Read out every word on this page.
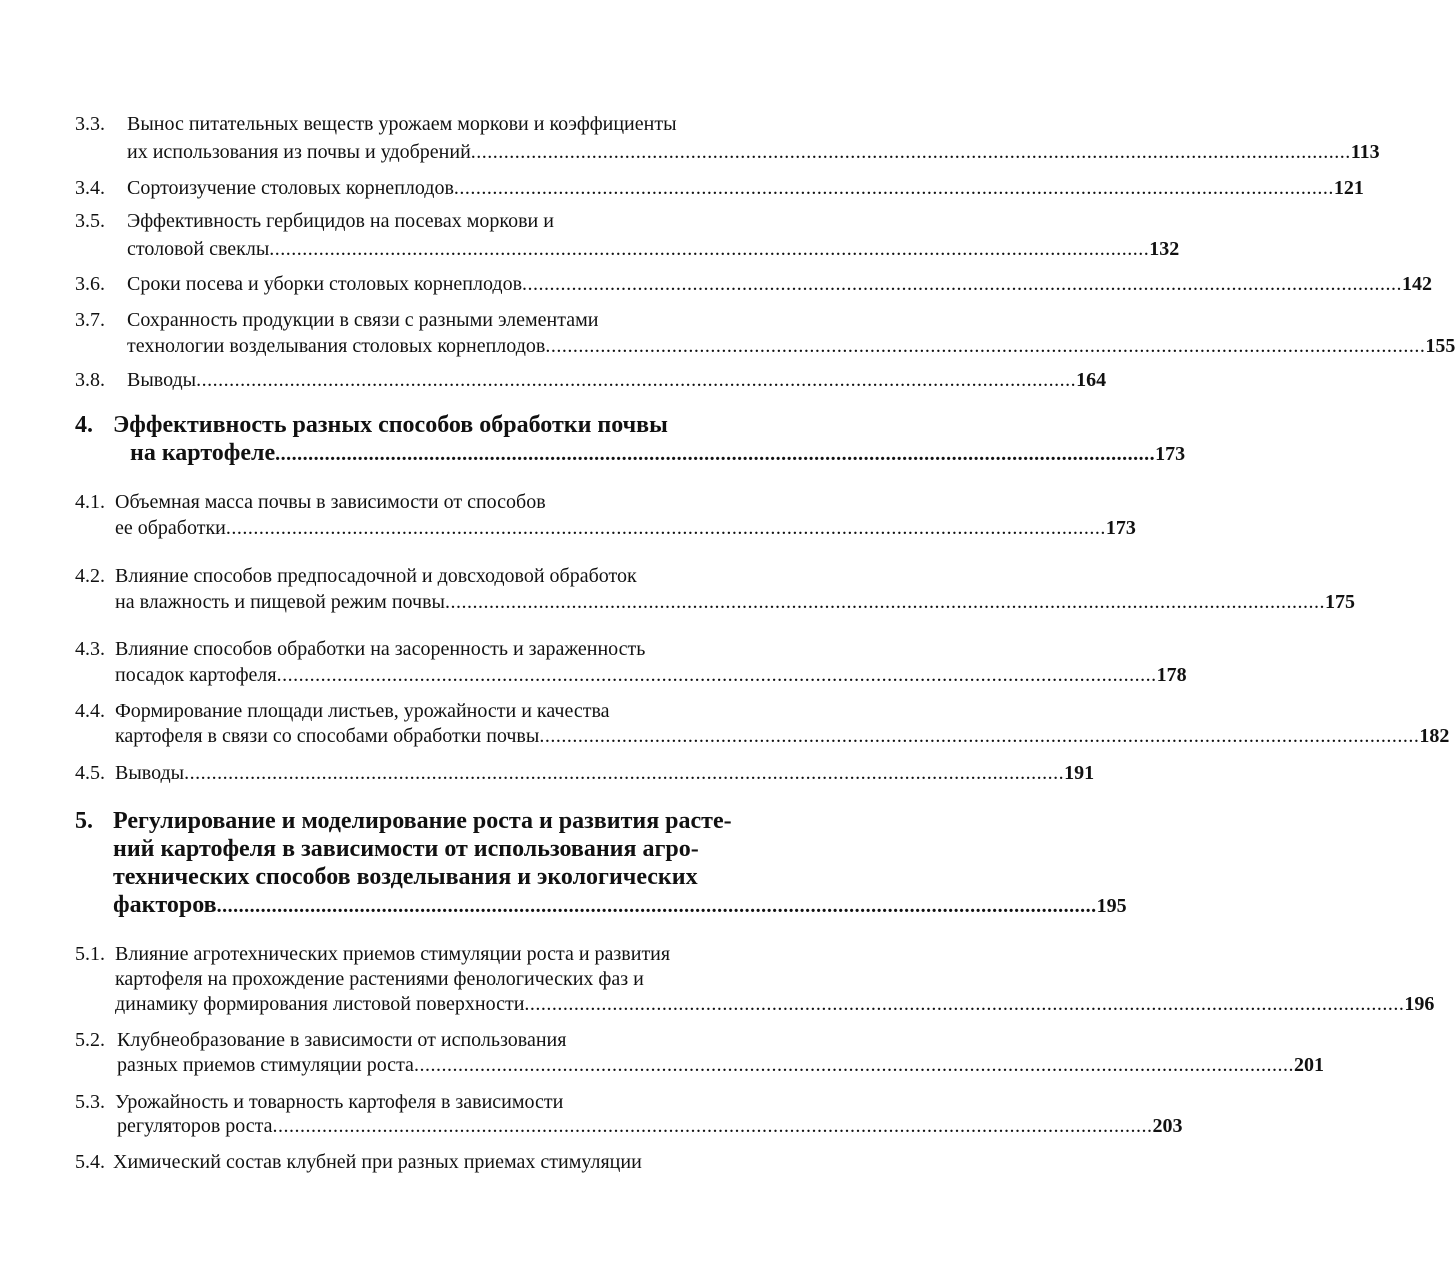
3.3. Вынос питательных веществ урожаем моркови и коэффициенты
их использования из почвы и удобрений ................................................................................................................................................................ 113
3.4. Сортоизучение столовых корнеплодов ................................................................................................................................................................ 121
3.5. Эффективность гербицидов на посевах моркови и
столовой свеклы ................................................................................................................................................................ 132
3.6. Сроки посева и уборки столовых корнеплодов ................................................................................................................................................................ 142
3.7. Сохранность продукции в связи с разными элементами
технологии возделывания столовых корнеплодов ................................................................................................................................................................ 155
3.8. Выводы ................................................................................................................................................................ 164
4. Эффективность разных способов обработки почвы
на картофеле ................................................................................................................................................................ 173
4.1. Объемная масса почвы в зависимости от способов
ее обработки ................................................................................................................................................................ 173
4.2. Влияние способов предпосадочной и довсходовой обработок
на влажность и пищевой режим почвы ................................................................................................................................................................ 175
4.3. Влияние способов обработки на засоренность и зараженность
посадок картофеля ................................................................................................................................................................ 178
4.4. Формирование площади листьев, урожайности и качества
картофеля в связи со способами обработки почвы ................................................................................................................................................................ 182
4.5. Выводы ................................................................................................................................................................ 191
5. Регулирование и моделирование роста и развития расте-
ний картофеля в зависимости от использования агро-
технических способов возделывания и экологических
факторов ................................................................................................................................................................ 195
5.1. Влияние агротехнических приемов стимуляции роста и развития
картофеля на прохождение растениями фенологических фаз и
динамику формирования листовой поверхности ................................................................................................................................................................ 196
5.2. Клубнеобразование в зависимости от использования
разных приемов стимуляции роста ................................................................................................................................................................ 201
5.3. Урожайность и товарность картофеля в зависимости
регуляторов роста ................................................................................................................................................................ 203
5.4. Химический состав клубней при разных приемах стимуляции
